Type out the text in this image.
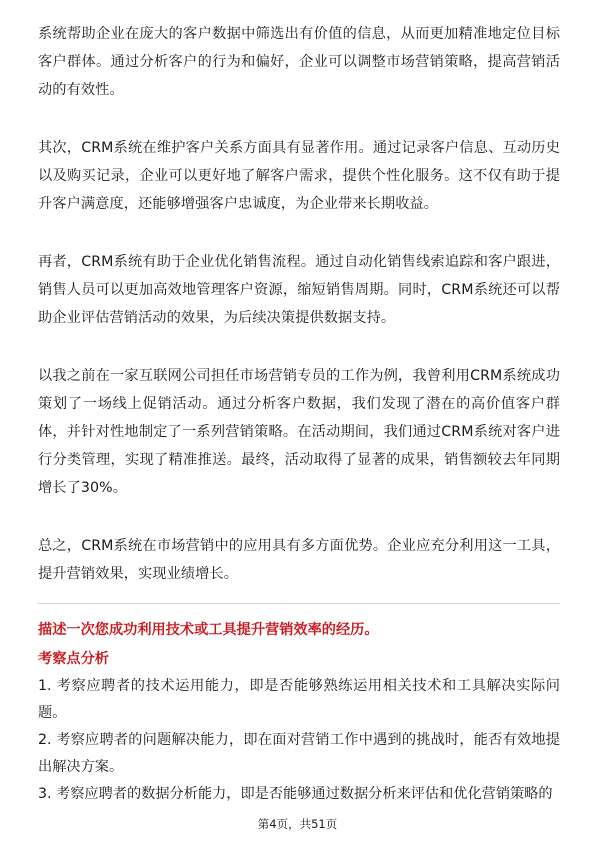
系统帮助企业在庞大的客户数据中筛选出有价值的信息，从而更加精准地定位目标客户群体。通过分析客户的行为和偏好，企业可以调整市场营销策略，提高营销活动的有效性。

其次，CRM系统在维护客户关系方面具有显著作用。通过记录客户信息、互动历史以及购买记录，企业可以更好地了解客户需求，提供个性化服务。这不仅有助于提升客户满意度，还能够增强客户忠诚度，为企业带来长期收益。

再者，CRM系统有助于企业优化销售流程。通过自动化销售线索追踪和客户跟进，销售人员可以更加高效地管理客户资源，缩短销售周期。同时，CRM系统还可以帮助企业评估营销活动的效果，为后续决策提供数据支持。

以我之前在一家互联网公司担任市场营销专员的工作为例，我曾利用CRM系统成功策划了一场线上促销活动。通过分析客户数据，我们发现了潜在的高价值客户群体，并针对性地制定了一系列营销策略。在活动期间，我们通过CRM系统对客户进行分类管理，实现了精准推送。最终，活动取得了显著的成果，销售额较去年同期增长了30%。

总之，CRM系统在市场营销中的应用具有多方面优势。企业应充分利用这一工具，提升营销效果，实现业绩增长。

描述一次您成功利用技术或工具提升营销效率的经历。

考察点分析

1. 考察应聘者的技术运用能力，即是否能够熟练运用相关技术和工具解决实际问题。

2. 考察应聘者的问题解决能力，即在面对营销工作中遇到的挑战时，能否有效地提出解决方案。

3. 考察应聘者的数据分析能力，即是否能够通过数据分析来评估和优化营销策略的

第4页，共51页
